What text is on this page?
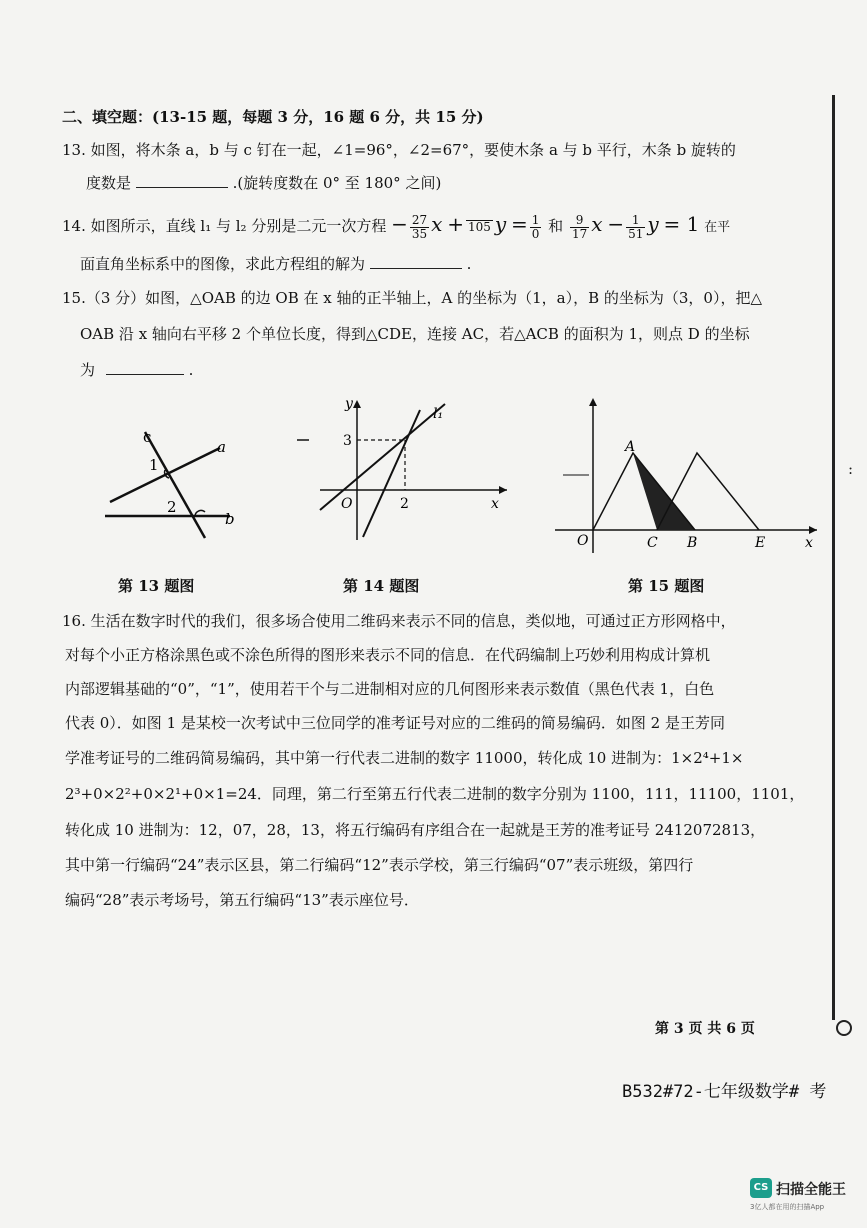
:
二、填空题：(13-15 题，每题 3 分，16 题 6 分，共 15 分)
13. 如图，将木条 a，b 与 c 钉在一起，∠1=96°，∠2=67°，要使木条 a 与 b 平行，木条 b 旋转的
度数是	.(旋转度数在 0° 至 180° 之间)
14. 如图所示，直线 l₁ 与 l₂ 分别是二元一次方程 − $\frac{27}{35}$ x + 105 $y = \frac{1}{0}$ 和 $\frac{9}{17}$ $x - \frac{1}{51}$ y = 1 在平
面直角坐标系中的图像，求此方程组的解为	.
15.（3 分）如图，△OAB 的边 OB 在 x 轴的正半轴上，A 的坐标为（1，a），B 的坐标为（3，0），把△
OAB 沿 x 轴向右平移 2 个单位长度，得到△CDE，连接 AC，若△ACB 的面积为 1，则点 D 的坐标
为	.
c
a
b
1
2
第 13 题图
y
x
O
3
2
l₁
第 14 题图
A
C B	E	x
O
第 15 题图
16. 生活在数字时代的我们，很多场合使用二维码来表示不同的信息，类似地，可通过正方形网格中，
对每个小正方格涂黑色或不涂色所得的图形来表示不同的信息．在代码编制上巧妙利用构成计算机
内部逻辑基础的“0”，“1”，使用若干个与二进制相对应的几何图形来表示数值（黑色代表 1，白色
代表 0）．如图 1 是某校一次考试中三位同学的准考证号对应的二维码的简易编码．如图 2 是王芳同
学准考证号的二维码简易编码，其中第一行代表二进制的数字 11000，转化成 10 进制为：1×2⁴+1×
2³+0×2²+0×2¹+0×1=24．同理，第二行至第五行代表二进制的数字分别为 1100，111，11100，1101，
转化成 10 进制为：12，07，28，13，将五行编码有序组合在一起就是王芳的准考证号 2412072813，
其中第一行编码“24”表示区县，第二行编码“12”表示学校，第三行编码“07”表示班级，第四行
编码“28”表示考场号，第五行编码“13”表示座位号．
第 3 页 共 6 页
B532#72-七年级数学# 考
CS 扫描全能王
3亿人都在用的扫描App
